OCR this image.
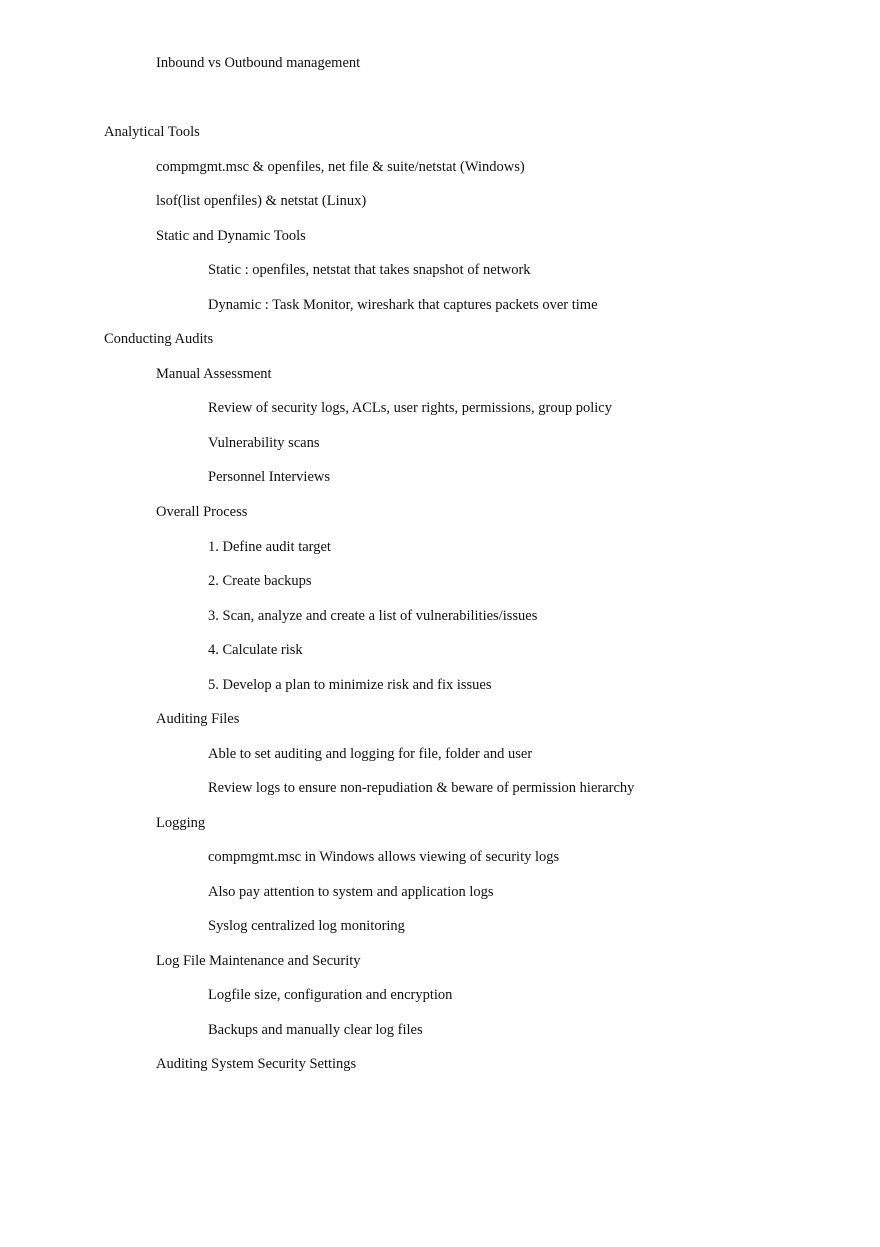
Inbound vs Outbound management
Analytical Tools
compmgmt.msc & openfiles, net file & suite/netstat (Windows)
lsof(list openfiles) & netstat (Linux)
Static and Dynamic Tools
Static : openfiles, netstat that takes snapshot of network
Dynamic : Task Monitor, wireshark that captures packets over time
Conducting Audits
Manual Assessment
Review of security logs, ACLs, user rights, permissions, group policy
Vulnerability scans
Personnel Interviews
Overall Process
1. Define audit target
2. Create backups
3. Scan, analyze and create a list of vulnerabilities/issues
4. Calculate risk
5. Develop a plan to minimize risk and fix issues
Auditing Files
Able to set auditing and logging for file, folder and user
Review logs to ensure non-repudiation & beware of permission hierarchy
Logging
compmgmt.msc in Windows allows viewing of security logs
Also pay attention to system and application logs
Syslog centralized log monitoring
Log File Maintenance and Security
Logfile size, configuration and encryption
Backups and manually clear log files
Auditing System Security Settings
